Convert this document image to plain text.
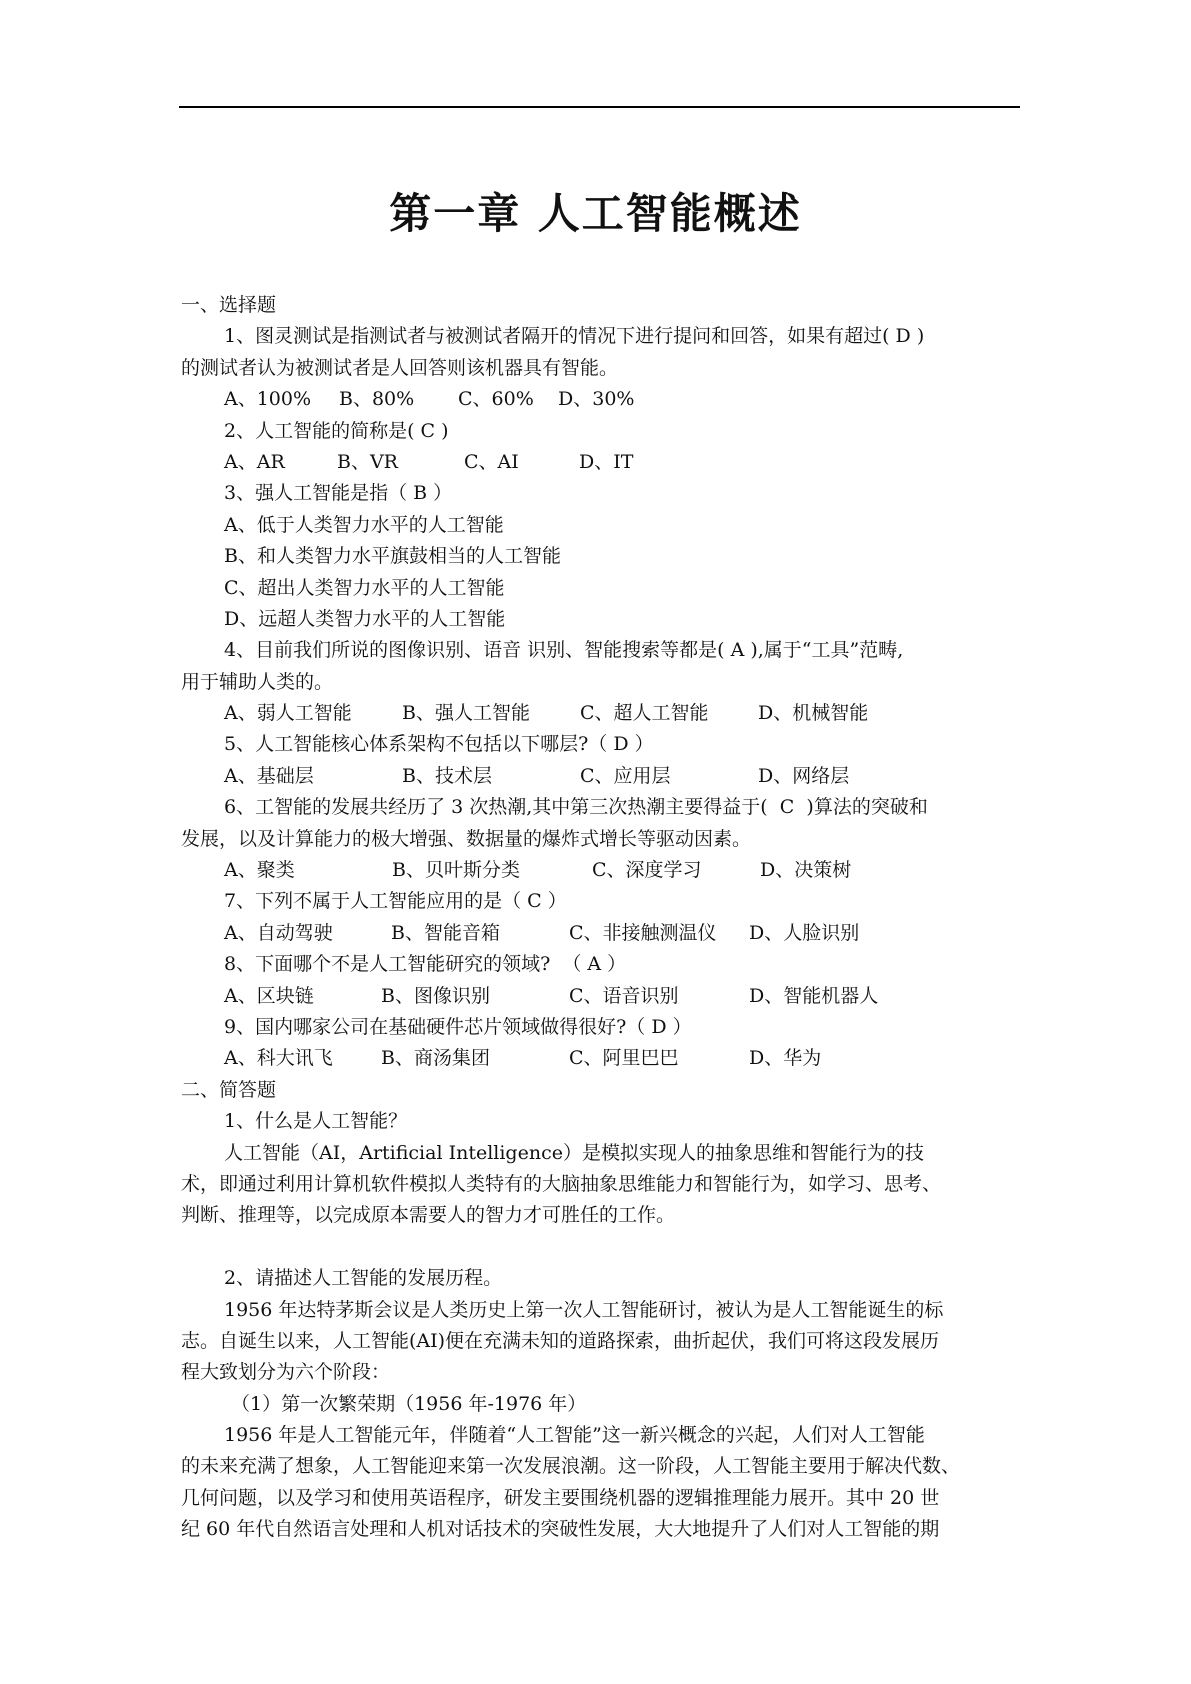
第一章 人工智能概述
一、选择题
1、图灵测试是指测试者与被测试者隔开的情况下进行提问和回答，如果有超过( D )
的测试者认为被测试者是人回答则该机器具有智能。
A、100%	B、80%	C、60%	D、30%
2、人工智能的简称是( C )
A、AR	B、VR	C、AI	D、IT
3、强人工智能是指（ B ）
A、低于人类智力水平的人工智能
B、和人类智力水平旗鼓相当的人工智能
C、超出人类智力水平的人工智能
D、远超人类智力水平的人工智能
4、目前我们所说的图像识别、语音 识别、智能搜索等都是( A ),属于“工具”范畴,
用于辅助人类的。
A、弱人工智能	B、强人工智能	C、超人工智能	D、机械智能
5、人工智能核心体系架构不包括以下哪层?（ D ）
A、基础层	B、技术层	C、应用层	D、网络层
6、工智能的发展共经历了 3 次热潮,其中第三次热潮主要得益于(  C  )算法的突破和
发展，以及计算能力的极大增强、数据量的爆炸式增长等驱动因素。
A、聚类	B、贝叶斯分类	C、深度学习	D、决策树
7、下列不属于人工智能应用的是（ C ）
A、自动驾驶	B、智能音箱	C、非接触测温仪	D、人脸识别
8、下面哪个不是人工智能研究的领域?  （ A ）
A、区块链	B、图像识别	C、语音识别	D、智能机器人
9、国内哪家公司在基础硬件芯片领域做得很好?（ D ）
A、科大讯飞	B、商汤集团	C、阿里巴巴	D、华为
二、简答题
1、什么是人工智能？
人工智能（AI，Artificial Intelligence）是模拟实现人的抽象思维和智能行为的技
术，即通过利用计算机软件模拟人类特有的大脑抽象思维能力和智能行为，如学习、思考、
判断、推理等，以完成原本需要人的智力才可胜任的工作。
2、请描述人工智能的发展历程。
1956 年达特茅斯会议是人类历史上第一次人工智能研讨，被认为是人工智能诞生的标
志。自诞生以来，人工智能(AI)便在充满未知的道路探索，曲折起伏，我们可将这段发展历
程大致划分为六个阶段：
（1）第一次繁荣期（1956 年-1976 年）
1956 年是人工智能元年，伴随着“人工智能”这一新兴概念的兴起，人们对人工智能
的未来充满了想象，人工智能迎来第一次发展浪潮。这一阶段，人工智能主要用于解决代数、
几何问题，以及学习和使用英语程序，研发主要围绕机器的逻辑推理能力展开。其中 20 世
纪 60 年代自然语言处理和人机对话技术的突破性发展，大大地提升了人们对人工智能的期
